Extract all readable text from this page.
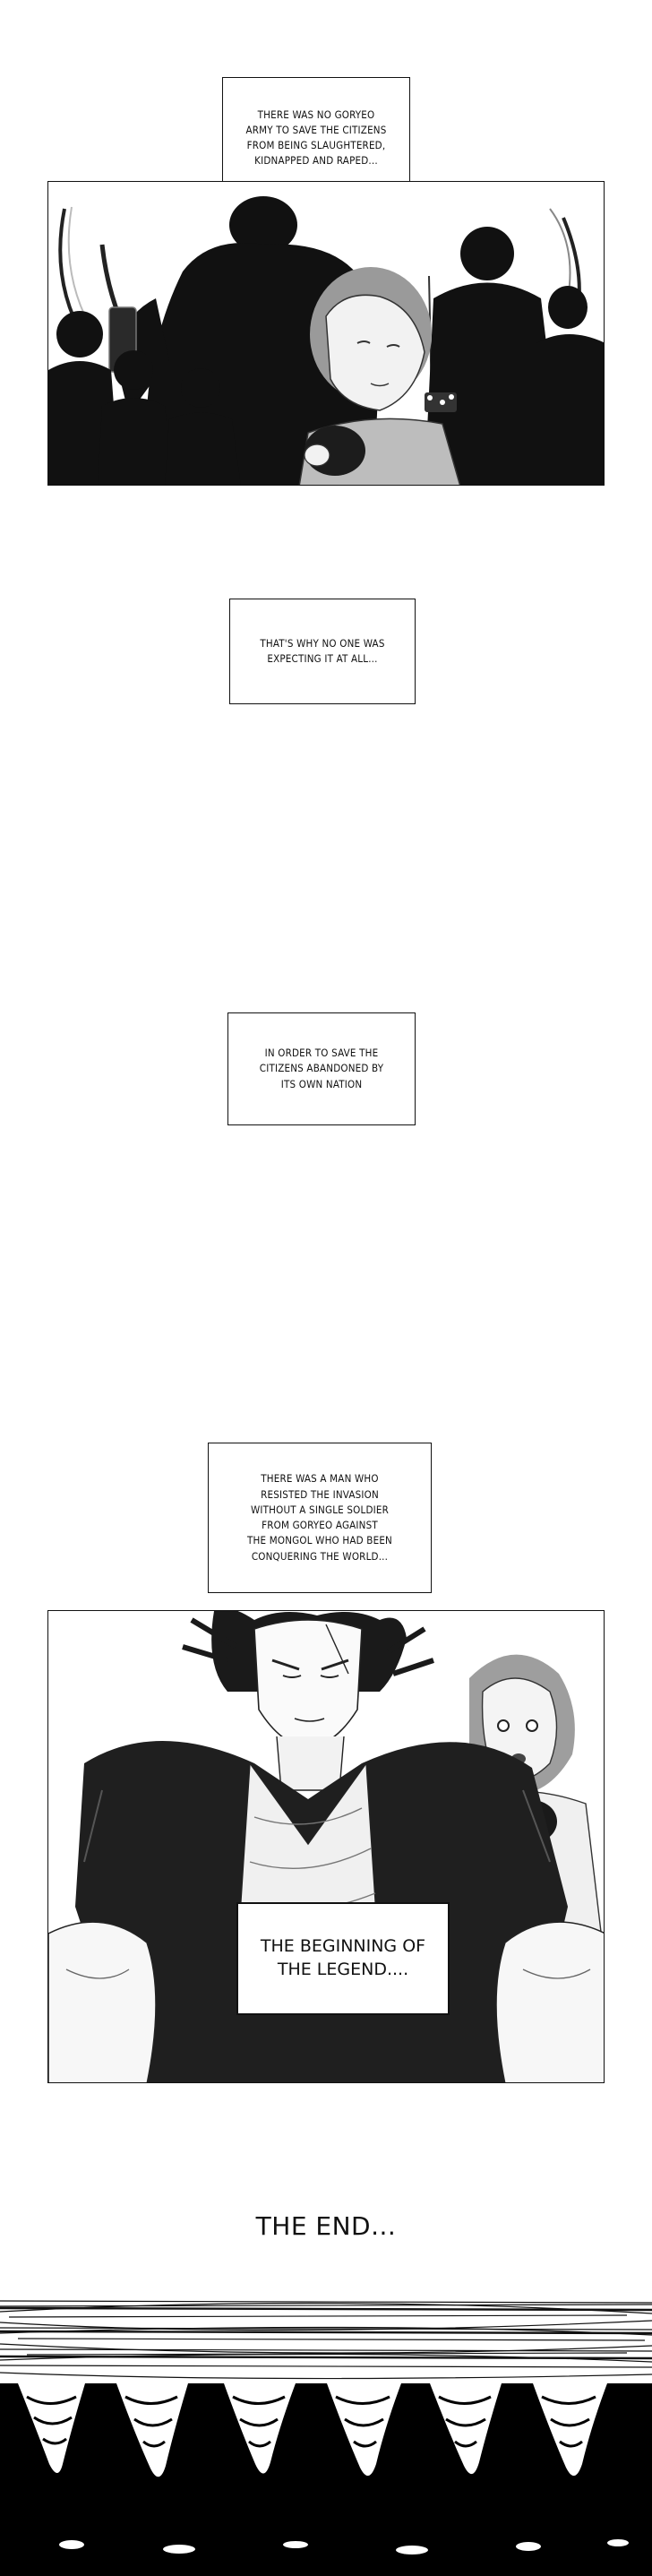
THERE WAS NO GORYEO
ARMY TO SAVE THE CITIZENS
FROM BEING SLAUGHTERED,
KIDNAPPED AND RAPED...
THAT'S WHY NO ONE WAS
EXPECTING IT AT ALL...
IN ORDER TO SAVE THE
CITIZENS ABANDONED BY
ITS OWN NATION
THERE WAS A MAN WHO
RESISTED THE INVASION
WITHOUT A SINGLE SOLDIER
FROM GORYEO AGAINST
THE MONGOL WHO HAD BEEN
CONQUERING THE WORLD...
THE BEGINNING OF
THE LEGEND....
THE END...
